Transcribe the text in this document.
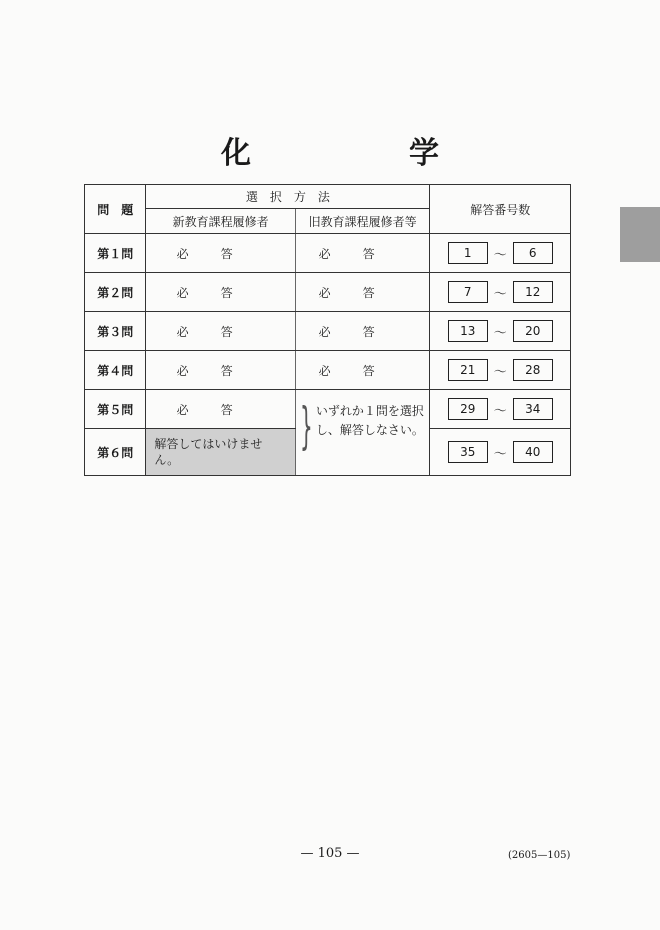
化　学
問　題	選　択　方　法		解答番号数
	新教育課程履修者	旧教育課程履修者等	
第１問	必答	必答	1 ～ 6

第２問	必答	必答	7 ～ 12

第３問	必答	必答	13 ～ 20

第４問	必答	必答	21 ～ 28

第５問	必答	} いずれか１問を選択し、解答しなさい。	29 ～ 34

第６問	解答してはいけません。		35 ～ 40
— 105 —	(2605—105)
